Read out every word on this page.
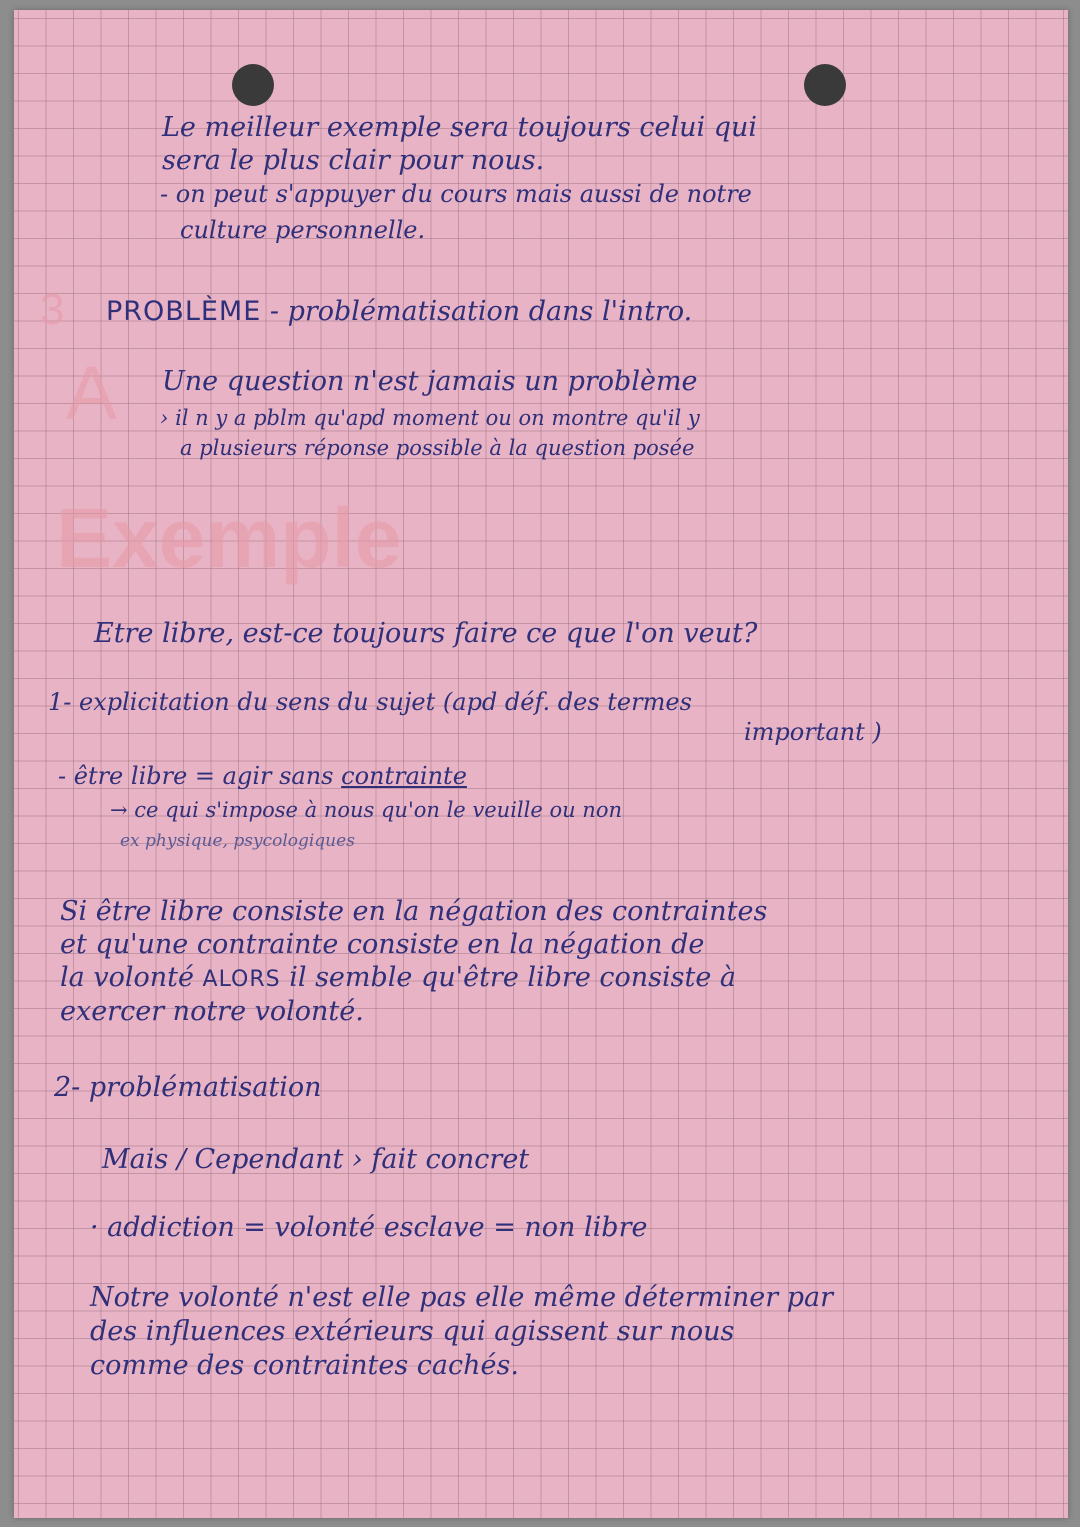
3
A
Exemple

Le meilleur exemple sera toujours celui qui

sera le plus clair pour nous.

- on peut s'appuyer du cours mais aussi de notre

culture personnelle.

PROBLÈME - problématisation dans l'intro.

Une question n'est jamais un problème

› il n y a pblm qu'apd moment ou on montre qu'il y

a plusieurs réponse possible à la question posée

Etre libre, est-ce toujours faire ce que l'on veut?

1- explicitation du sens du sujet (apd déf. des termes

important )

- être libre = agir sans contrainte

→ ce qui s'impose à nous qu'on le veuille ou non

ex physique, psycologiques

Si être libre consiste en la négation des contraintes

et qu'une contrainte consiste en la négation de

la volonté ALORS il semble qu'être libre consiste à

exercer notre volonté.

2- problématisation

Mais / Cependant › fait concret

· addiction = volonté esclave = non libre

Notre volonté n'est elle pas elle même déterminer par

des influences extérieurs qui agissent sur nous

comme des contraintes cachés.
